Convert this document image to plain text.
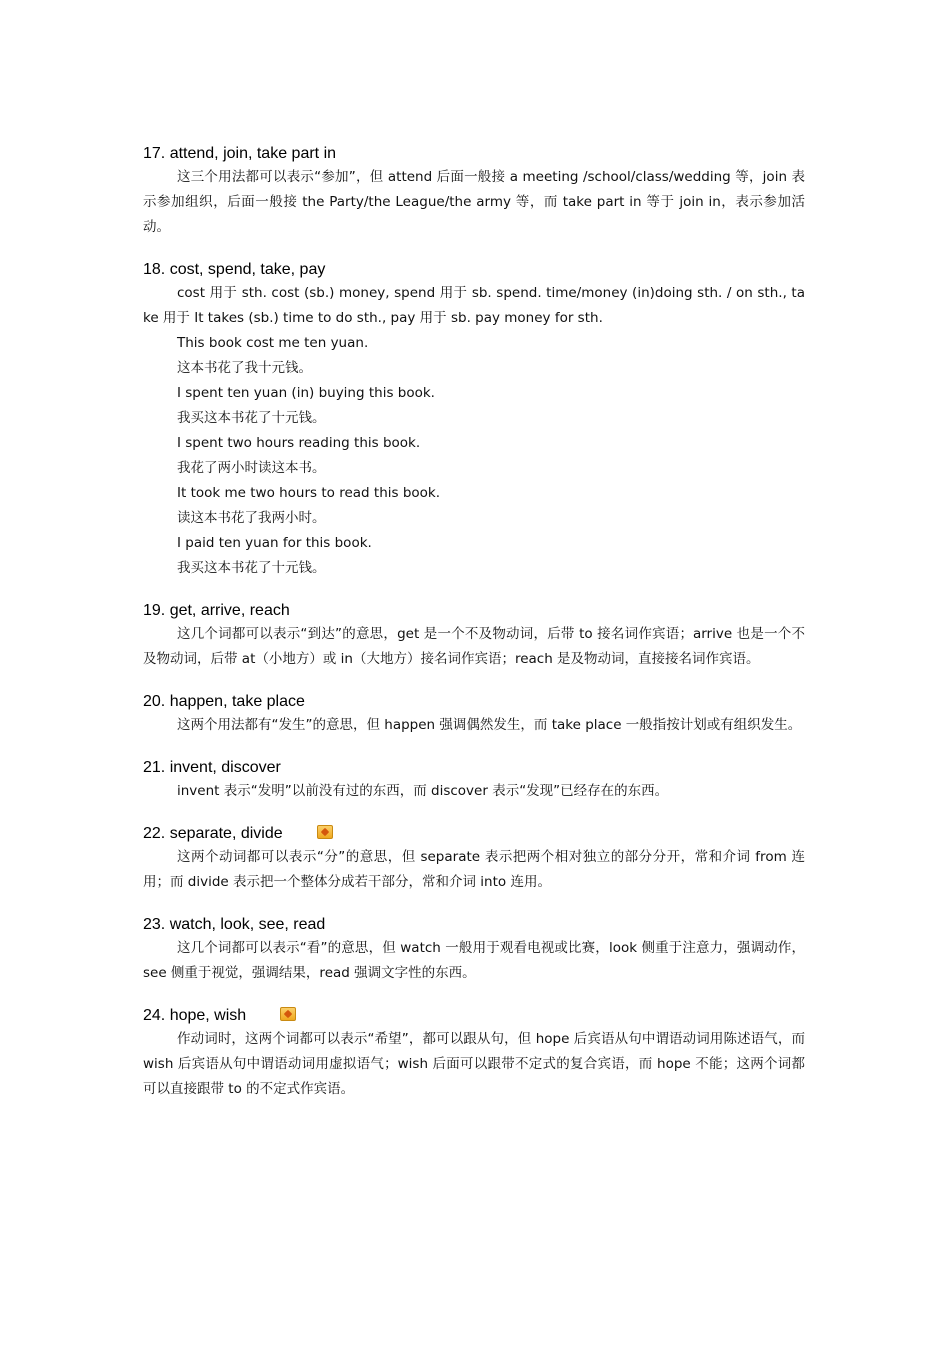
17. attend, join, take part in

这三个用法都可以表示“参加”，但 attend 后面一般接 a meeting /school/class/wedding 等，join 表示参加组织，后面一般接 the Party/the League/the army 等，而 take part in 等于 join in，表示参加活动。

18. cost, spend, take, pay

cost 用于 sth. cost (sb.) money, spend 用于 sb. spend. time/money (in)doing sth. / on sth., take 用于 It takes (sb.) time to do sth., pay 用于 sb. pay money for sth.

This book cost me ten yuan.

这本书花了我十元钱。

I spent ten yuan (in) buying this book.

我买这本书花了十元钱。

I spent two hours reading this book.

我花了两小时读这本书。

It took me two hours to read this book.

读这本书花了我两小时。

I paid ten yuan for this book.

我买这本书花了十元钱。

19. get, arrive, reach

这几个词都可以表示“到达”的意思，get 是一个不及物动词，后带 to 接名词作宾语；arrive 也是一个不及物动词，后带 at（小地方）或 in（大地方）接名词作宾语；reach 是及物动词，直接接名词作宾语。

20. happen, take place

这两个用法都有“发生”的意思，但 happen 强调偶然发生，而 take place 一般指按计划或有组织发生。

21. invent, discover

invent 表示“发明”以前没有过的东西，而 discover 表示“发现”已经存在的东西。

22. separate, divide

这两个动词都可以表示“分”的意思，但 separate 表示把两个相对独立的部分分开，常和介词 from 连用；而 divide 表示把一个整体分成若干部分，常和介词 into 连用。

23. watch, look, see, read

这几个词都可以表示“看”的意思，但 watch 一般用于观看电视或比赛，look 侧重于注意力，强调动作，see 侧重于视觉，强调结果，read 强调文字性的东西。

24. hope, wish

作动词时，这两个词都可以表示“希望”，都可以跟从句，但 hope 后宾语从句中谓语动词用陈述语气，而 wish 后宾语从句中谓语动词用虚拟语气；wish 后面可以跟带不定式的复合宾语，而 hope 不能；这两个词都可以直接跟带 to 的不定式作宾语。
